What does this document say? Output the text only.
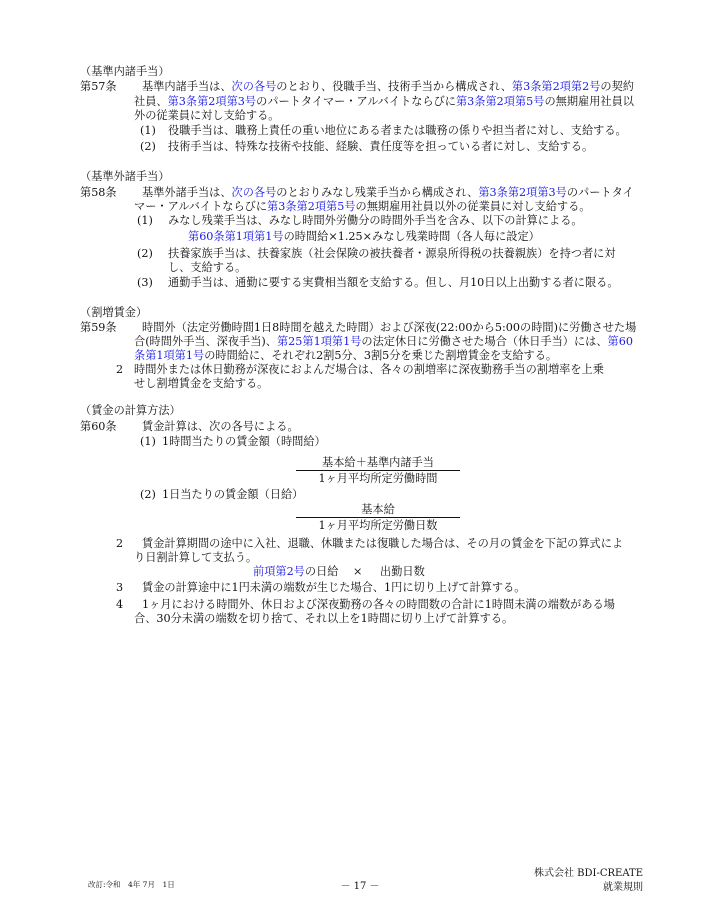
（基準内諸手当）
第57条 基準内諸手当は、次の各号のとおり、役職手当、技術手当から構成され、第3条第2項第2号の契約
社員、第3条第2項第3号のパートタイマー・アルバイトならびに第3条第2項第5号の無期雇用社員以
外の従業員に対し支給する。
(1) 役職手当は、職務上責任の重い地位にある者または職務の係りや担当者に対し、支給する。
(2) 技術手当は、特殊な技術や技能、経験、責任度等を担っている者に対し、支給する。
（基準外諸手当）
第58条 基準外諸手当は、次の各号のとおりみなし残業手当から構成され、第3条第2項第3号のパートタイ
マー・アルバイトならびに第3条第2項第5号の無期雇用社員以外の従業員に対し支給する。
(1) みなし残業手当は、みなし時間外労働分の時間外手当を含み、以下の計算による。
第60条第1項第1号の時間給×1.25×みなし残業時間（各人毎に設定）
(2) 扶養家族手当は、扶養家族（社会保険の被扶養者・源泉所得税の扶養親族）を持つ者に対
し、支給する。
(3) 通勤手当は、通勤に要する実費相当額を支給する。但し、月10日以上出勤する者に限る。
（割増賃金）
第59条 時間外（法定労働時間1日8時間を越えた時間）および深夜(22:00から5:00の時間)に労働させた場
合(時間外手当、深夜手当)、第25第1項第1号の法定休日に労働させた場合（休日手当）には、第60
条第1項第1号の時間給に、それぞれ2割5分、3割5分を乗じた割増賃金を支給する。
2 時間外または休日勤務が深夜におよんだ場合は、各々の割増率に深夜勤務手当の割増率を上乗
せし割増賃金を支給する。
（賃金の計算方法）
第60条 賃金計算は、次の各号による。
(1) 1時間当たりの賃金額（時間給）
基本給＋基準内諸手当
1ヶ月平均所定労働時間
(2) 1日当たりの賃金額（日給）
基本給
1ヶ月平均所定労働日数
2 賃金計算期間の途中に入社、退職、休職または復職した場合は、その月の賃金を下記の算式によ
り日割計算して支払う。
前項第2号の日給 × 出勤日数
3 賃金の計算途中に1円未満の端数が生じた場合、1円に切り上げて計算する。
4 1ヶ月における時間外、休日および深夜勤務の各々の時間数の合計に1時間未満の端数がある場
合、30分未満の端数を切り捨て、それ以上を1時間に切り上げて計算する。
改訂:令和　4年 7月　1日	－ 17 －
株式会社 BDI-CREATE
就業規則
